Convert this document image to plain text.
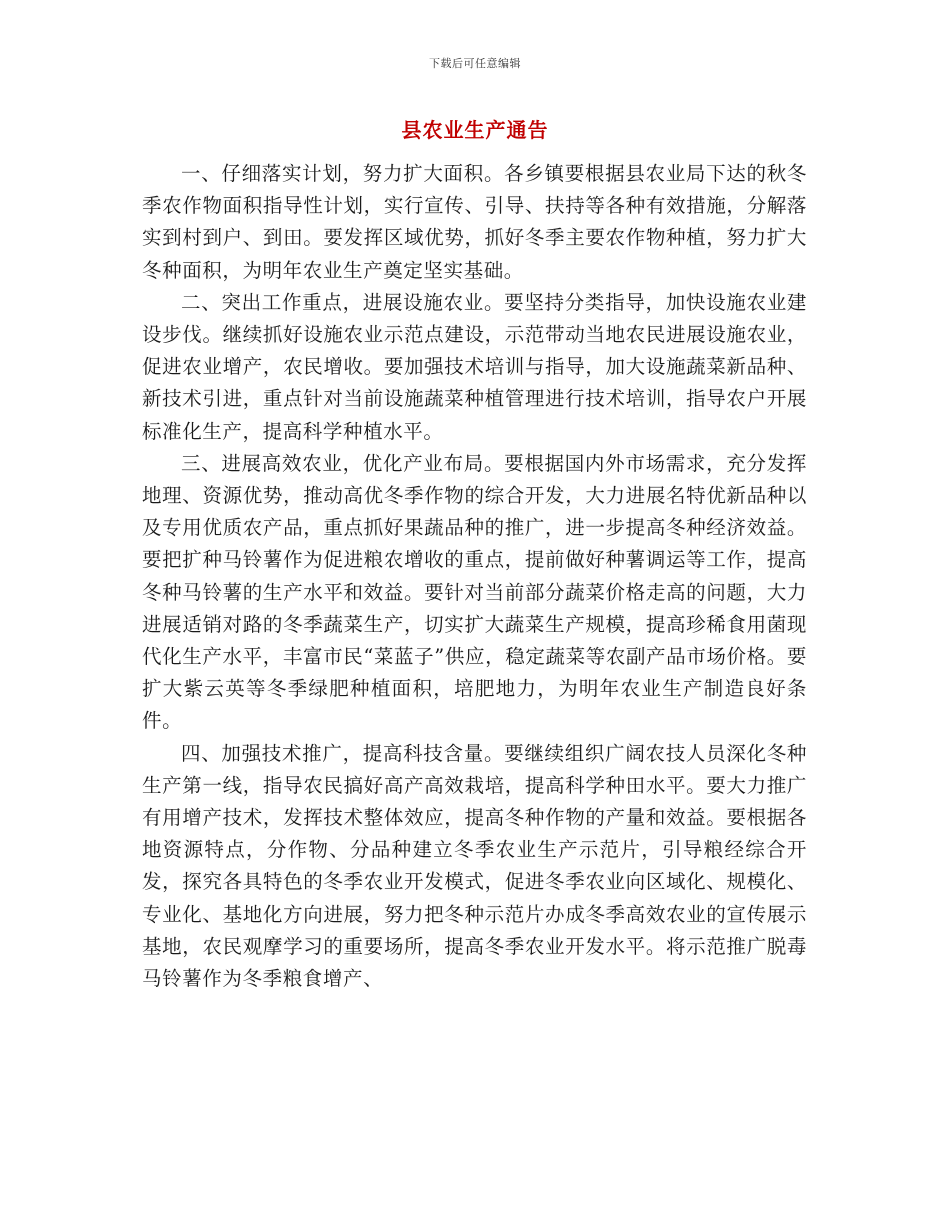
下载后可任意编辑
县农业生产通告

一、仔细落实计划，努力扩大面积。各乡镇要根据县农业局下达的秋冬季农作物面积指导性计划，实行宣传、引导、扶持等各种有效措施，分解落实到村到户、到田。要发挥区域优势，抓好冬季主要农作物种植，努力扩大冬种面积，为明年农业生产奠定坚实基础。

二、突出工作重点，进展设施农业。要坚持分类指导，加快设施农业建设步伐。继续抓好设施农业示范点建设，示范带动当地农民进展设施农业，促进农业增产，农民增收。要加强技术培训与指导，加大设施蔬菜新品种、新技术引进，重点针对当前设施蔬菜种植管理进行技术培训，指导农户开展标准化生产，提高科学种植水平。

三、进展高效农业，优化产业布局。要根据国内外市场需求，充分发挥地理、资源优势，推动高优冬季作物的综合开发，大力进展名特优新品种以及专用优质农产品，重点抓好果蔬品种的推广，进一步提高冬种经济效益。要把扩种马铃薯作为促进粮农增收的重点，提前做好种薯调运等工作，提高冬种马铃薯的生产水平和效益。要针对当前部分蔬菜价格走高的问题，大力进展适销对路的冬季蔬菜生产，切实扩大蔬菜生产规模，提高珍稀食用菌现代化生产水平，丰富市民“菜蓝子”供应，稳定蔬菜等农副产品市场价格。要扩大紫云英等冬季绿肥种植面积，培肥地力，为明年农业生产制造良好条件。

四、加强技术推广，提高科技含量。要继续组织广阔农技人员深化冬种生产第一线，指导农民搞好高产高效栽培，提高科学种田水平。要大力推广有用增产技术，发挥技术整体效应，提高冬种作物的产量和效益。要根据各地资源特点，分作物、分品种建立冬季农业生产示范片，引导粮经综合开发，探究各具特色的冬季农业开发模式，促进冬季农业向区域化、规模化、专业化、基地化方向进展，努力把冬种示范片办成冬季高效农业的宣传展示基地，农民观摩学习的重要场所，提高冬季农业开发水平。将示范推广脱毒马铃薯作为冬季粮食增产、
